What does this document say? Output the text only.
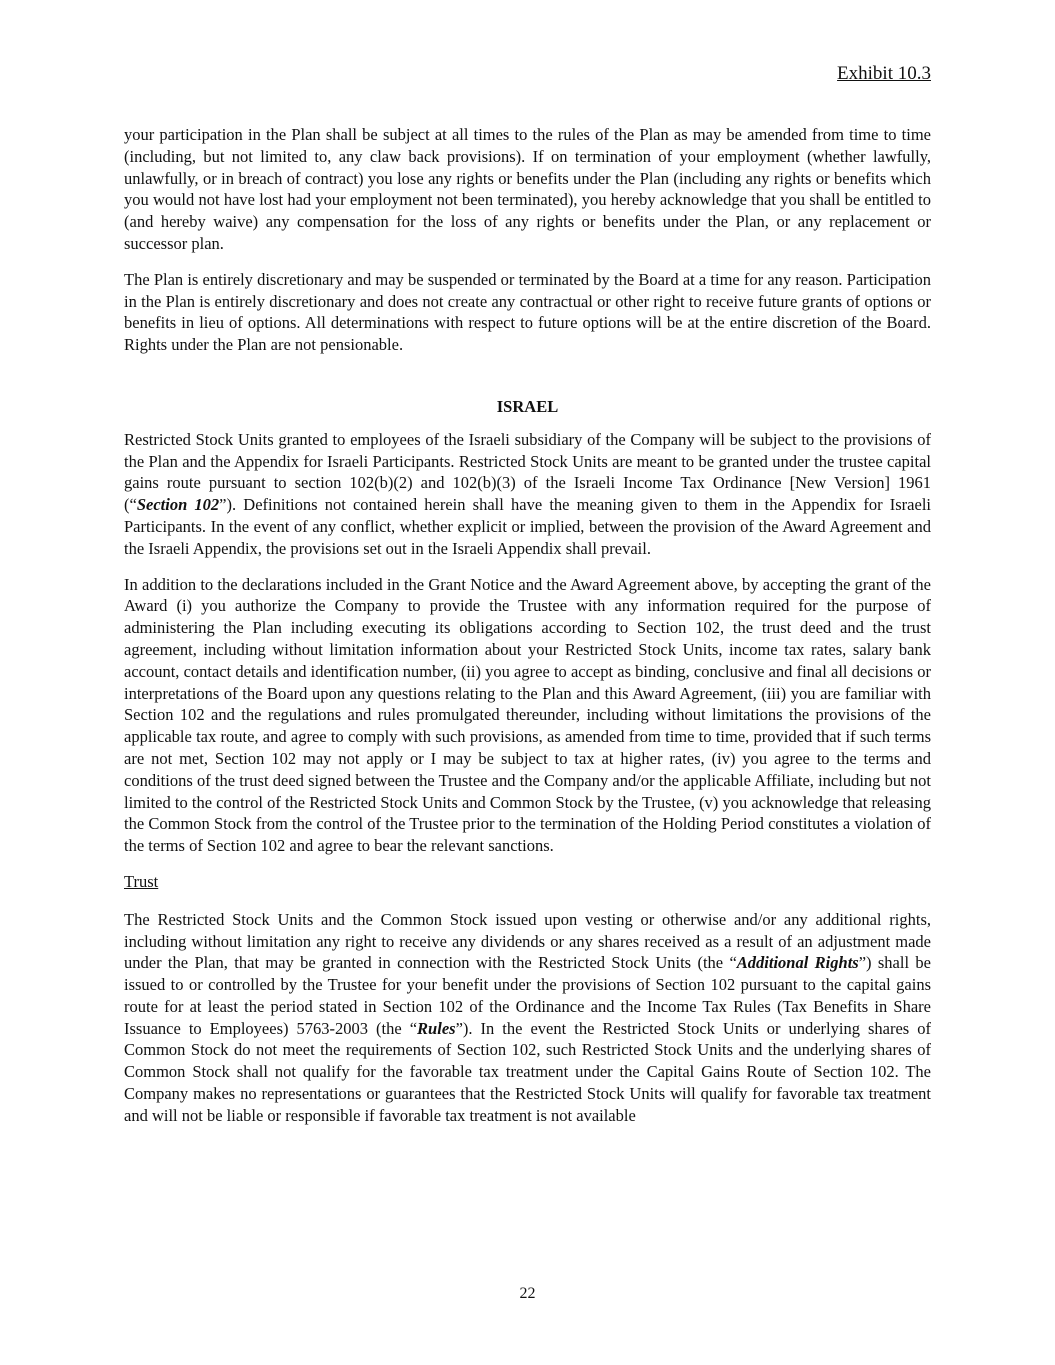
Exhibit 10.3

your participation in the Plan shall be subject at all times to the rules of the Plan as may be amended from time to time (including, but not limited to, any claw back provisions). If on termination of your employment (whether lawfully, unlawfully, or in breach of contract) you lose any rights or benefits under the Plan (including any rights or benefits which you would not have lost had your employment not been terminated), you hereby acknowledge that you shall be entitled to (and hereby waive) any compensation for the loss of any rights or benefits under the Plan, or any replacement or successor plan.

The Plan is entirely discretionary and may be suspended or terminated by the Board at a time for any reason. Participation in the Plan is entirely discretionary and does not create any contractual or other right to receive future grants of options or benefits in lieu of options. All determinations with respect to future options will be at the entire discretion of the Board. Rights under the Plan are not pensionable.

ISRAEL

Restricted Stock Units granted to employees of the Israeli subsidiary of the Company will be subject to the provisions of the Plan and the Appendix for Israeli Participants. Restricted Stock Units are meant to be granted under the trustee capital gains route pursuant to section 102(b)(2) and 102(b)(3) of the Israeli Income Tax Ordinance [New Version] 1961 (“Section 102”). Definitions not contained herein shall have the meaning given to them in the Appendix for Israeli Participants. In the event of any conflict, whether explicit or implied, between the provision of the Award Agreement and the Israeli Appendix, the provisions set out in the Israeli Appendix shall prevail.

In addition to the declarations included in the Grant Notice and the Award Agreement above, by accepting the grant of the Award (i) you authorize the Company to provide the Trustee with any information required for the purpose of administering the Plan including executing its obligations according to Section 102, the trust deed and the trust agreement, including without limitation information about your Restricted Stock Units, income tax rates, salary bank account, contact details and identification number, (ii) you agree to accept as binding, conclusive and final all decisions or interpretations of the Board upon any questions relating to the Plan and this Award Agreement, (iii) you are familiar with Section 102 and the regulations and rules promulgated thereunder, including without limitations the provisions of the applicable tax route, and agree to comply with such provisions, as amended from time to time, provided that if such terms are not met, Section 102 may not apply or I may be subject to tax at higher rates, (iv) you agree to the terms and conditions of the trust deed signed between the Trustee and the Company and/or the applicable Affiliate, including but not limited to the control of the Restricted Stock Units and Common Stock by the Trustee, (v) you acknowledge that releasing the Common Stock from the control of the Trustee prior to the termination of the Holding Period constitutes a violation of the terms of Section 102 and agree to bear the relevant sanctions.

Trust

The Restricted Stock Units and the Common Stock issued upon vesting or otherwise and/or any additional rights, including without limitation any right to receive any dividends or any shares received as a result of an adjustment made under the Plan, that may be granted in connection with the Restricted Stock Units (the “Additional Rights”) shall be issued to or controlled by the Trustee for your benefit under the provisions of Section 102 pursuant to the capital gains route for at least the period stated in Section 102 of the Ordinance and the Income Tax Rules (Tax Benefits in Share Issuance to Employees) 5763-2003 (the “Rules”). In the event the Restricted Stock Units or underlying shares of Common Stock do not meet the requirements of Section 102, such Restricted Stock Units and the underlying shares of Common Stock shall not qualify for the favorable tax treatment under the Capital Gains Route of Section 102. The Company makes no representations or guarantees that the Restricted Stock Units will qualify for favorable tax treatment and will not be liable or responsible if favorable tax treatment is not available

22
